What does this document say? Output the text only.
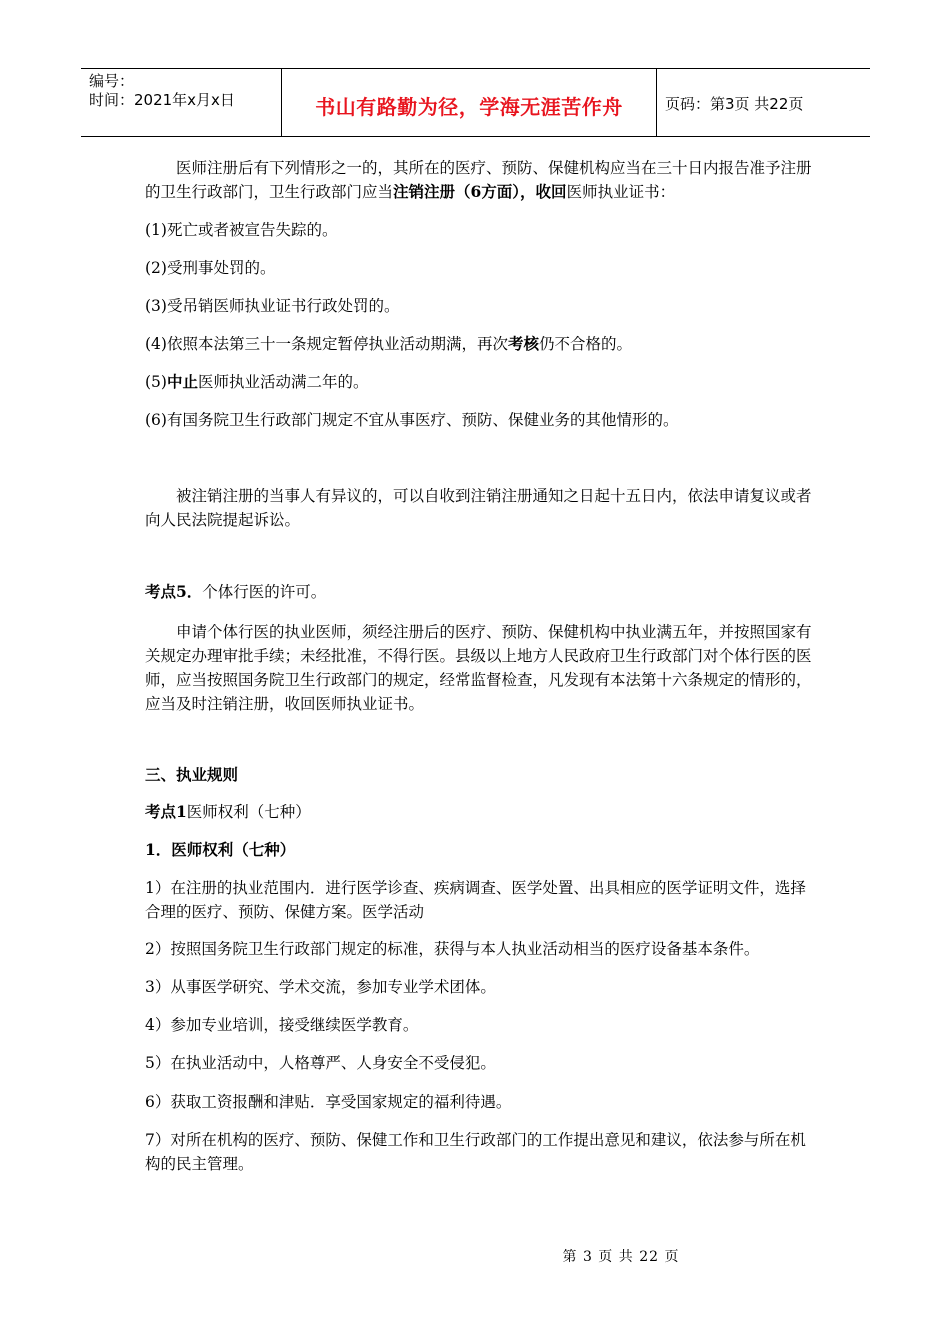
编号：
时间：2021年x月x日	书山有路勤为径，学海无涯苦作舟	页码：第3页 共22页

医师注册后有下列情形之一的，其所在的医疗、预防、保健机构应当在三十日内报告准予注册的卫生行政部门，卫生行政部门应当注销注册（6方面），收回医师执业证书：

(1)死亡或者被宣告失踪的。

(2)受刑事处罚的。

(3)受吊销医师执业证书行政处罚的。

(4)依照本法第三十一条规定暂停执业活动期满，再次考核仍不合格的。

(5)中止医师执业活动满二年的。

(6)有国务院卫生行政部门规定不宜从事医疗、预防、保健业务的其他情形的。

被注销注册的当事人有异议的，可以自收到注销注册通知之日起十五日内，依法申请复议或者向人民法院提起诉讼。

考点5．个体行医的许可。

申请个体行医的执业医师，须经注册后的医疗、预防、保健机构中执业满五年，并按照国家有关规定办理审批手续；未经批准，不得行医。县级以上地方人民政府卫生行政部门对个体行医的医师，应当按照国务院卫生行政部门的规定，经常监督检查，凡发现有本法第十六条规定的情形的，应当及时注销注册，收回医师执业证书。

三、执业规则

考点1医师权利（七种）

1．医师权利（七种）

1）在注册的执业范围内．进行医学诊查、疾病调查、医学处置、出具相应的医学证明文件，选择合理的医疗、预防、保健方案。医学活动

2）按照国务院卫生行政部门规定的标准，获得与本人执业活动相当的医疗设备基本条件。

3）从事医学研究、学术交流，参加专业学术团体。

4）参加专业培训，接受继续医学教育。

5）在执业活动中，人格尊严、人身安全不受侵犯。

6）获取工资报酬和津贴．享受国家规定的福利待遇。

7）对所在机构的医疗、预防、保健工作和卫生行政部门的工作提出意见和建议，依法参与所在机构的民主管理。

第 3 页 共 22 页
